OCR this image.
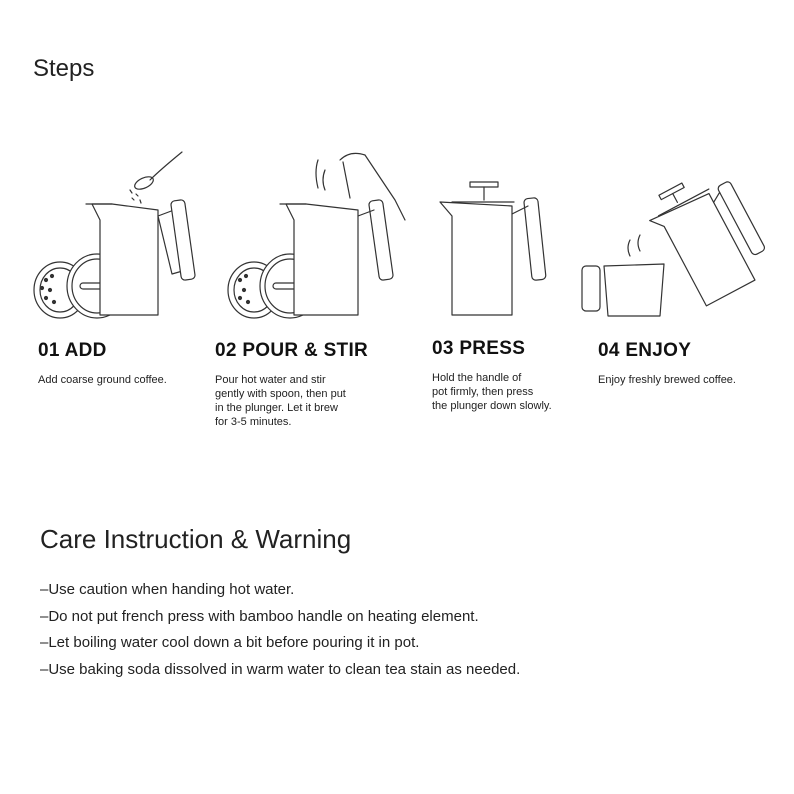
Steps
01 ADD
Add coarse ground coffee.
02 POUR & STIR
Pour hot water and stir
gently with spoon, then put
in the plunger. Let it brew
for 3-5 minutes.
03 PRESS
Hold the handle of
pot firmly, then press
the plunger down slowly.
04 ENJOY
Enjoy freshly brewed coffee.
Care Instruction & Warning
–Use caution when handing hot water.
–Do not put french press with bamboo handle on heating element.
–Let boiling water cool down a bit before pouring it in pot.
–Use baking soda dissolved in warm water to clean tea stain as needed.
